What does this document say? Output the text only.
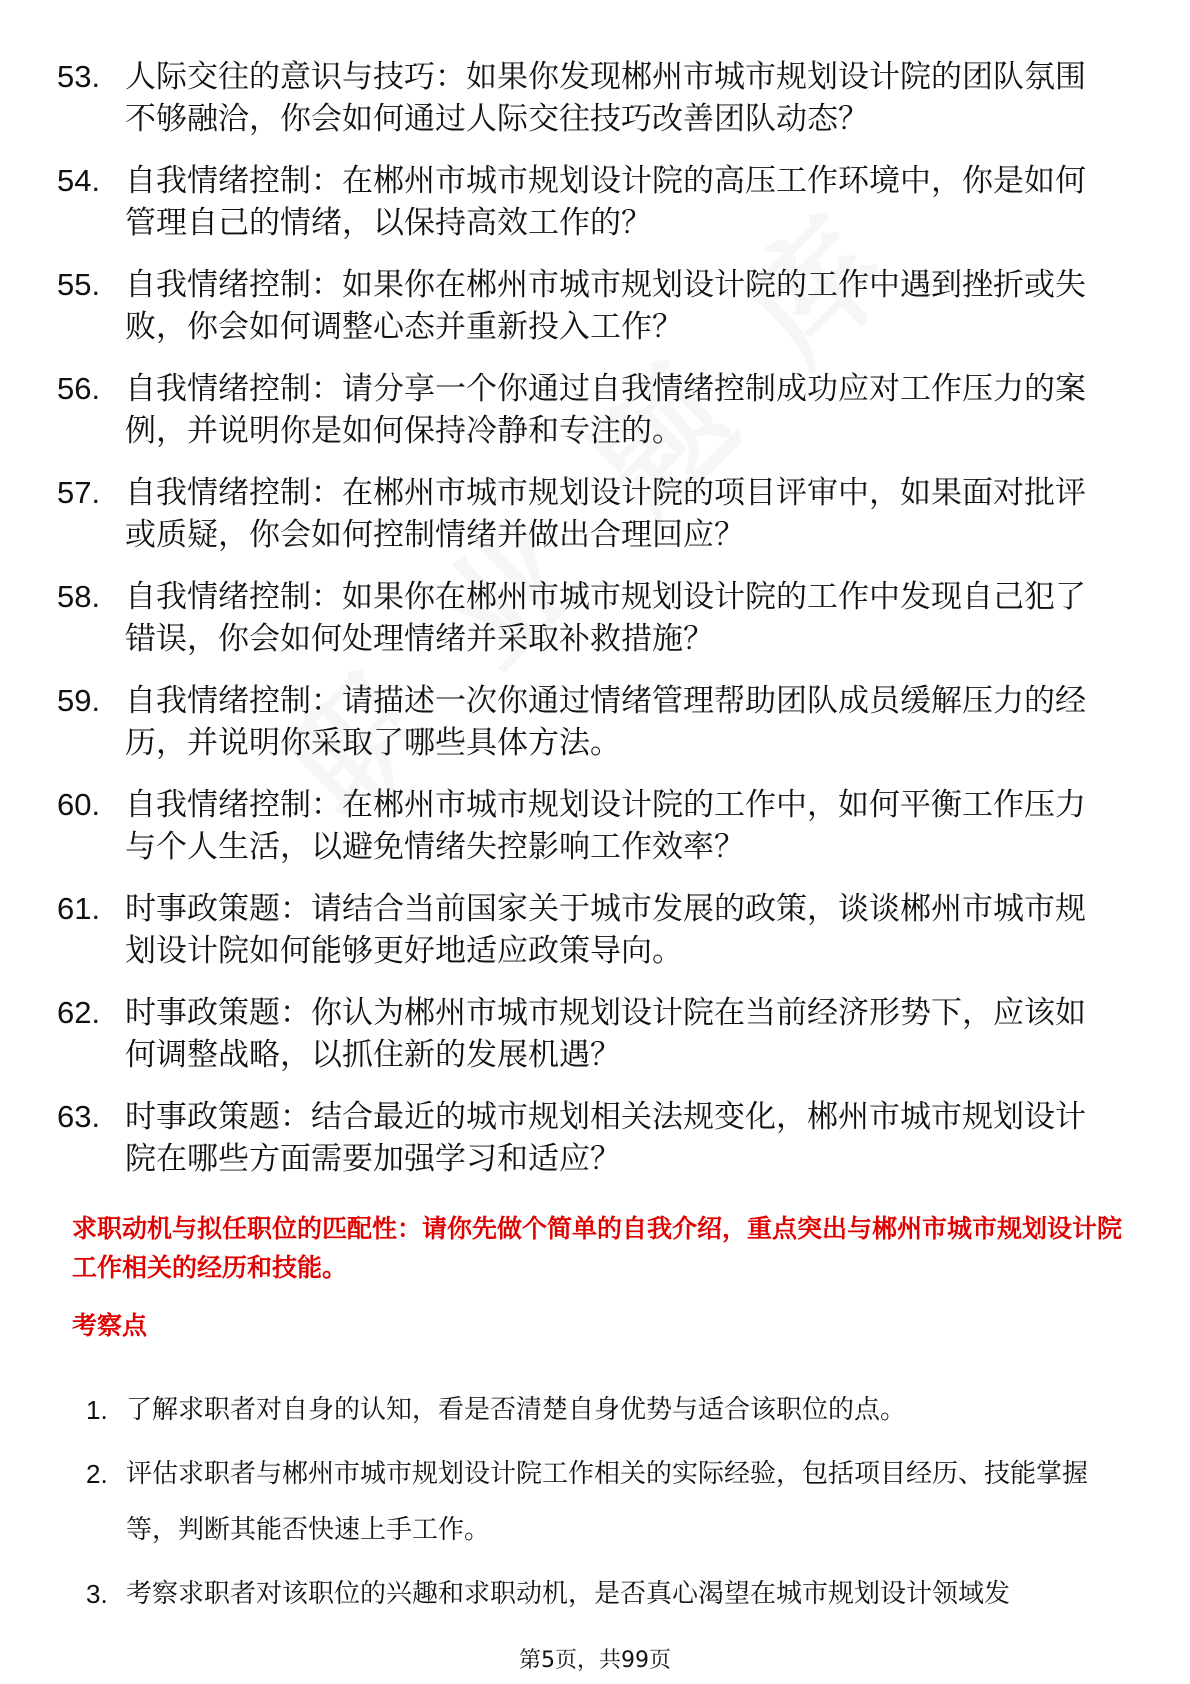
53. 人际交往的意识与技巧：如果你发现郴州市城市规划设计院的团队氛围不够融洽，你会如何通过人际交往技巧改善团队动态？
54. 自我情绪控制：在郴州市城市规划设计院的高压工作环境中，你是如何管理自己的情绪，以保持高效工作的？
55. 自我情绪控制：如果你在郴州市城市规划设计院的工作中遇到挫折或失败，你会如何调整心态并重新投入工作？
56. 自我情绪控制：请分享一个你通过自我情绪控制成功应对工作压力的案例，并说明你是如何保持冷静和专注的。
57. 自我情绪控制：在郴州市城市规划设计院的项目评审中，如果面对批评或质疑，你会如何控制情绪并做出合理回应？
58. 自我情绪控制：如果你在郴州市城市规划设计院的工作中发现自己犯了错误，你会如何处理情绪并采取补救措施？
59. 自我情绪控制：请描述一次你通过情绪管理帮助团队成员缓解压力的经历，并说明你采取了哪些具体方法。
60. 自我情绪控制：在郴州市城市规划设计院的工作中，如何平衡工作压力与个人生活，以避免情绪失控影响工作效率？
61. 时事政策题：请结合当前国家关于城市发展的政策，谈谈郴州市城市规划设计院如何能够更好地适应政策导向。
62. 时事政策题：你认为郴州市城市规划设计院在当前经济形势下，应该如何调整战略，以抓住新的发展机遇？
63. 时事政策题：结合最近的城市规划相关法规变化，郴州市城市规划设计院在哪些方面需要加强学习和适应？
求职动机与拟任职位的匹配性：请你先做个简单的自我介绍，重点突出与郴州市城市规划设计院工作相关的经历和技能。
考察点
1. 了解求职者对自身的认知，看是否清楚自身优势与适合该职位的点。
2. 评估求职者与郴州市城市规划设计院工作相关的实际经验，包括项目经历、技能掌握等，判断其能否快速上手工作。
3. 考察求职者对该职位的兴趣和求职动机，是否真心渴望在城市规划设计领域发
第5页，共99页
